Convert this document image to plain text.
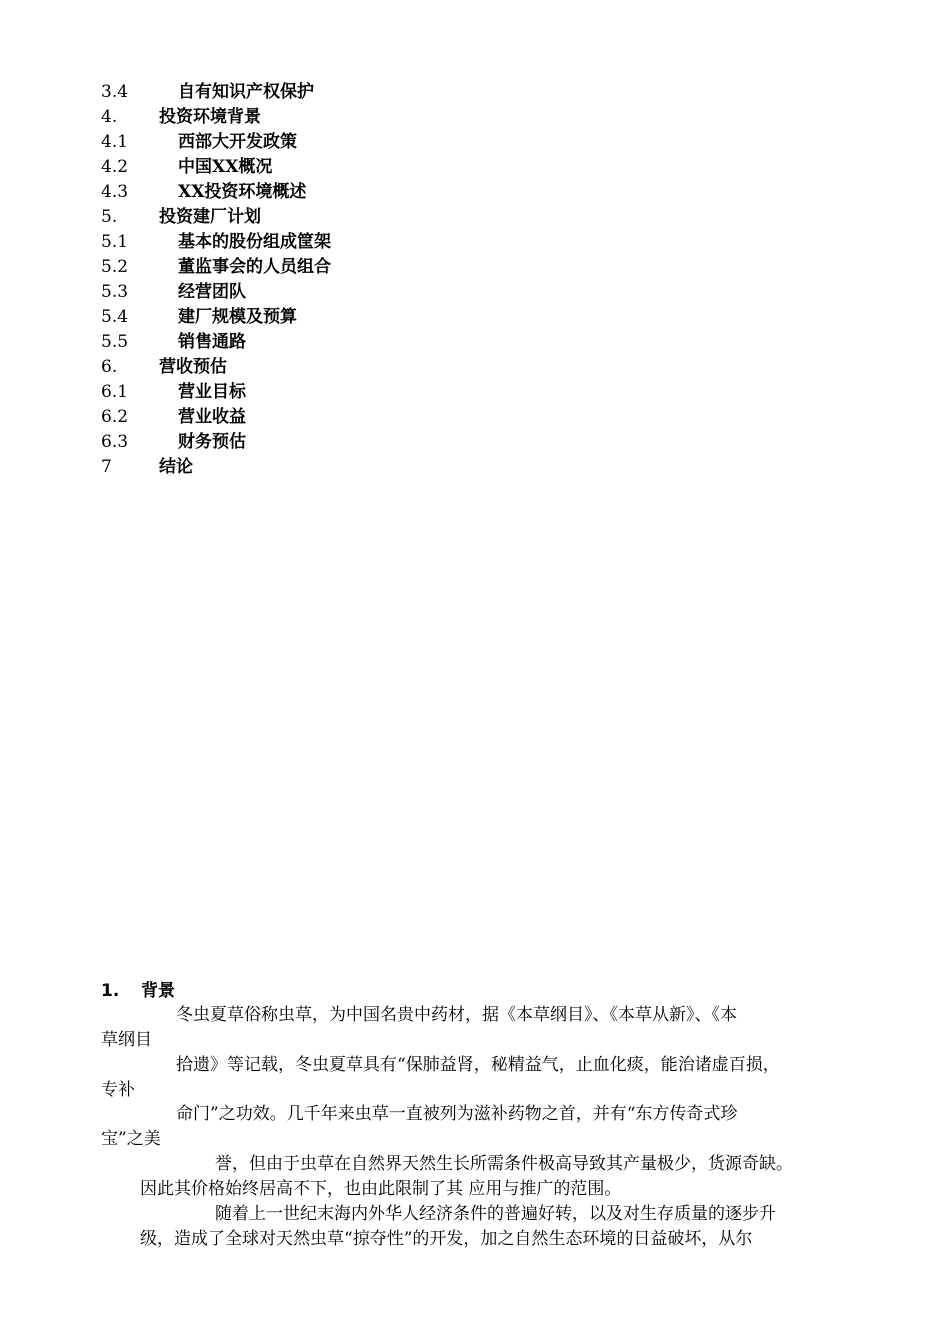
3.4	自有知识产权保护
4. 投资环境背景
4.1	西部大开发政策
4.2	中国XX概况
4.3	XX投资环境概述
5. 投资建厂计划
5.1	基本的股份组成筐架
5.2	董监事会的人员组合
5.3	经营团队
5.4	建厂规模及预算
5.5	销售通路
6. 营收预估
6.1	营业目标
6.2	营业收益
6.3	财务预估
7	结论
1. 背景
冬虫夏草俗称虫草，为中国名贵中药材，据《本草纲目》、《本草从新》、《本
草纲目
拾遗》等记载，冬虫夏草具有“保肺益肾，秘精益气，止血化痰，能治诸虚百损，
专补
命门”之功效。几千年来虫草一直被列为滋补药物之首，并有“东方传奇式珍
宝”之美
誉，但由于虫草在自然界天然生长所需条件极高导致其产量极少，货源奇缺。
因此其价格始终居高不下，也由此限制了其 应用与推广的范围。
随着上一世纪末海内外华人经济条件的普遍好转，以及对生存质量的逐步升
级，造成了全球对天然虫草“掠夺性”的开发，加之自然生态环境的日益破坏，从尔
